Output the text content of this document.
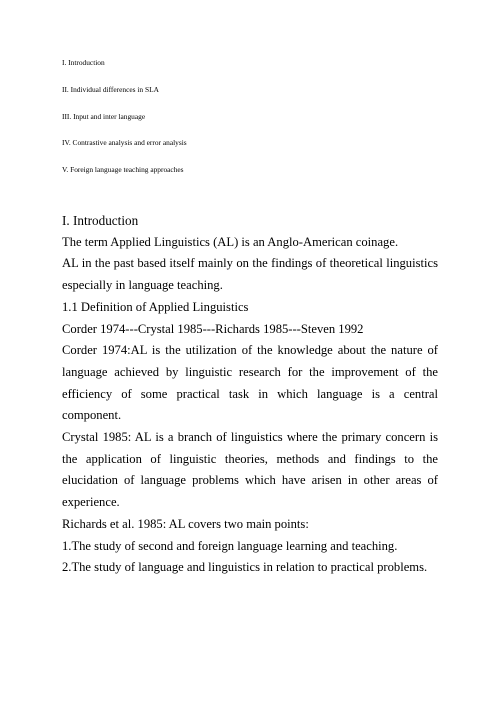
I. Introduction
II. Individual differences in SLA
III. Input and inter language
IV. Contrastive analysis and error analysis
V. Foreign language teaching approaches

I. Introduction

The term Applied Linguistics (AL) is an Anglo-American coinage.

AL in the past based itself mainly on the findings of theoretical linguistics especially in language teaching.

1.1 Definition of Applied Linguistics

Corder 1974---Crystal 1985---Richards 1985---Steven 1992

Corder 1974:AL is the utilization of the knowledge about the nature of language achieved by linguistic research for the improvement of the efficiency of some practical task in which language is a central component.

Crystal 1985: AL is a branch of linguistics where the primary concern is the application of linguistic theories, methods and findings to the elucidation of language problems which have arisen in other areas of experience.

Richards et al. 1985: AL covers two main points:

1.The study of second and foreign language learning and teaching.

2.The study of language and linguistics in relation to practical problems.
